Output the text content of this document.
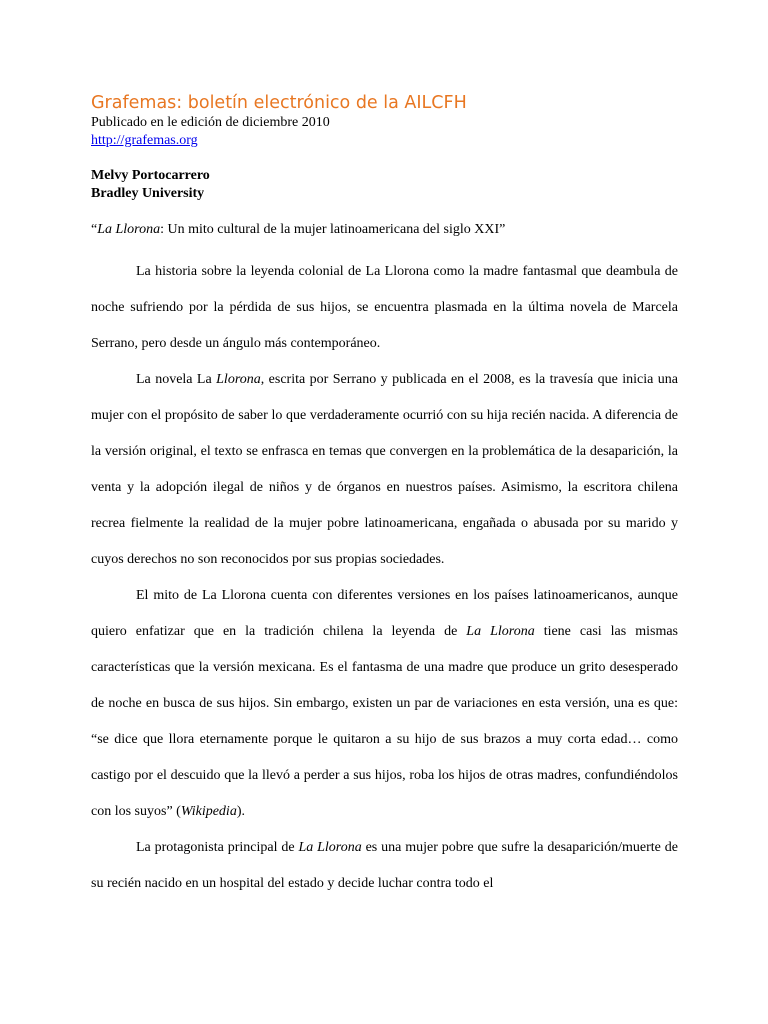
Grafemas: boletín electrónico de la AILCFH

Publicado en le edición de diciembre 2010

http://grafemas.org

Melvy Portocarrero

Bradley University

“La Llorona: Un mito cultural de la mujer latinoamericana del siglo XXI”

La historia sobre la leyenda colonial de La Llorona como la madre fantasmal que deambula de noche sufriendo por la pérdida de sus hijos, se encuentra plasmada en la última novela de Marcela Serrano, pero desde un ángulo más contemporáneo.

La novela La Llorona, escrita por Serrano y publicada en el 2008, es la travesía que inicia una mujer con el propósito de saber lo que verdaderamente ocurrió con su hija recién nacida. A diferencia de la versión original, el texto se enfrasca en temas que convergen en la problemática de la desaparición, la venta y la adopción ilegal de niños y de órganos en nuestros países. Asimismo, la escritora chilena recrea fielmente la realidad de la mujer pobre latinoamericana, engañada o abusada por su marido y cuyos derechos no son reconocidos por sus propias sociedades.

El mito de La Llorona cuenta con diferentes versiones en los países latinoamericanos, aunque quiero enfatizar que en la tradición chilena la leyenda de La Llorona tiene casi las mismas características que la versión mexicana. Es el fantasma de una madre que produce un grito desesperado de noche en busca de sus hijos. Sin embargo, existen un par de variaciones en esta versión, una es que: “se dice que llora eternamente porque le quitaron a su hijo de sus brazos a muy corta edad… como castigo por el descuido que la llevó a perder a sus hijos, roba los hijos de otras madres, confundiéndolos con los suyos” (Wikipedia).

La protagonista principal de La Llorona es una mujer pobre que sufre la desaparición/muerte de su recién nacido en un hospital del estado y decide luchar contra todo el
